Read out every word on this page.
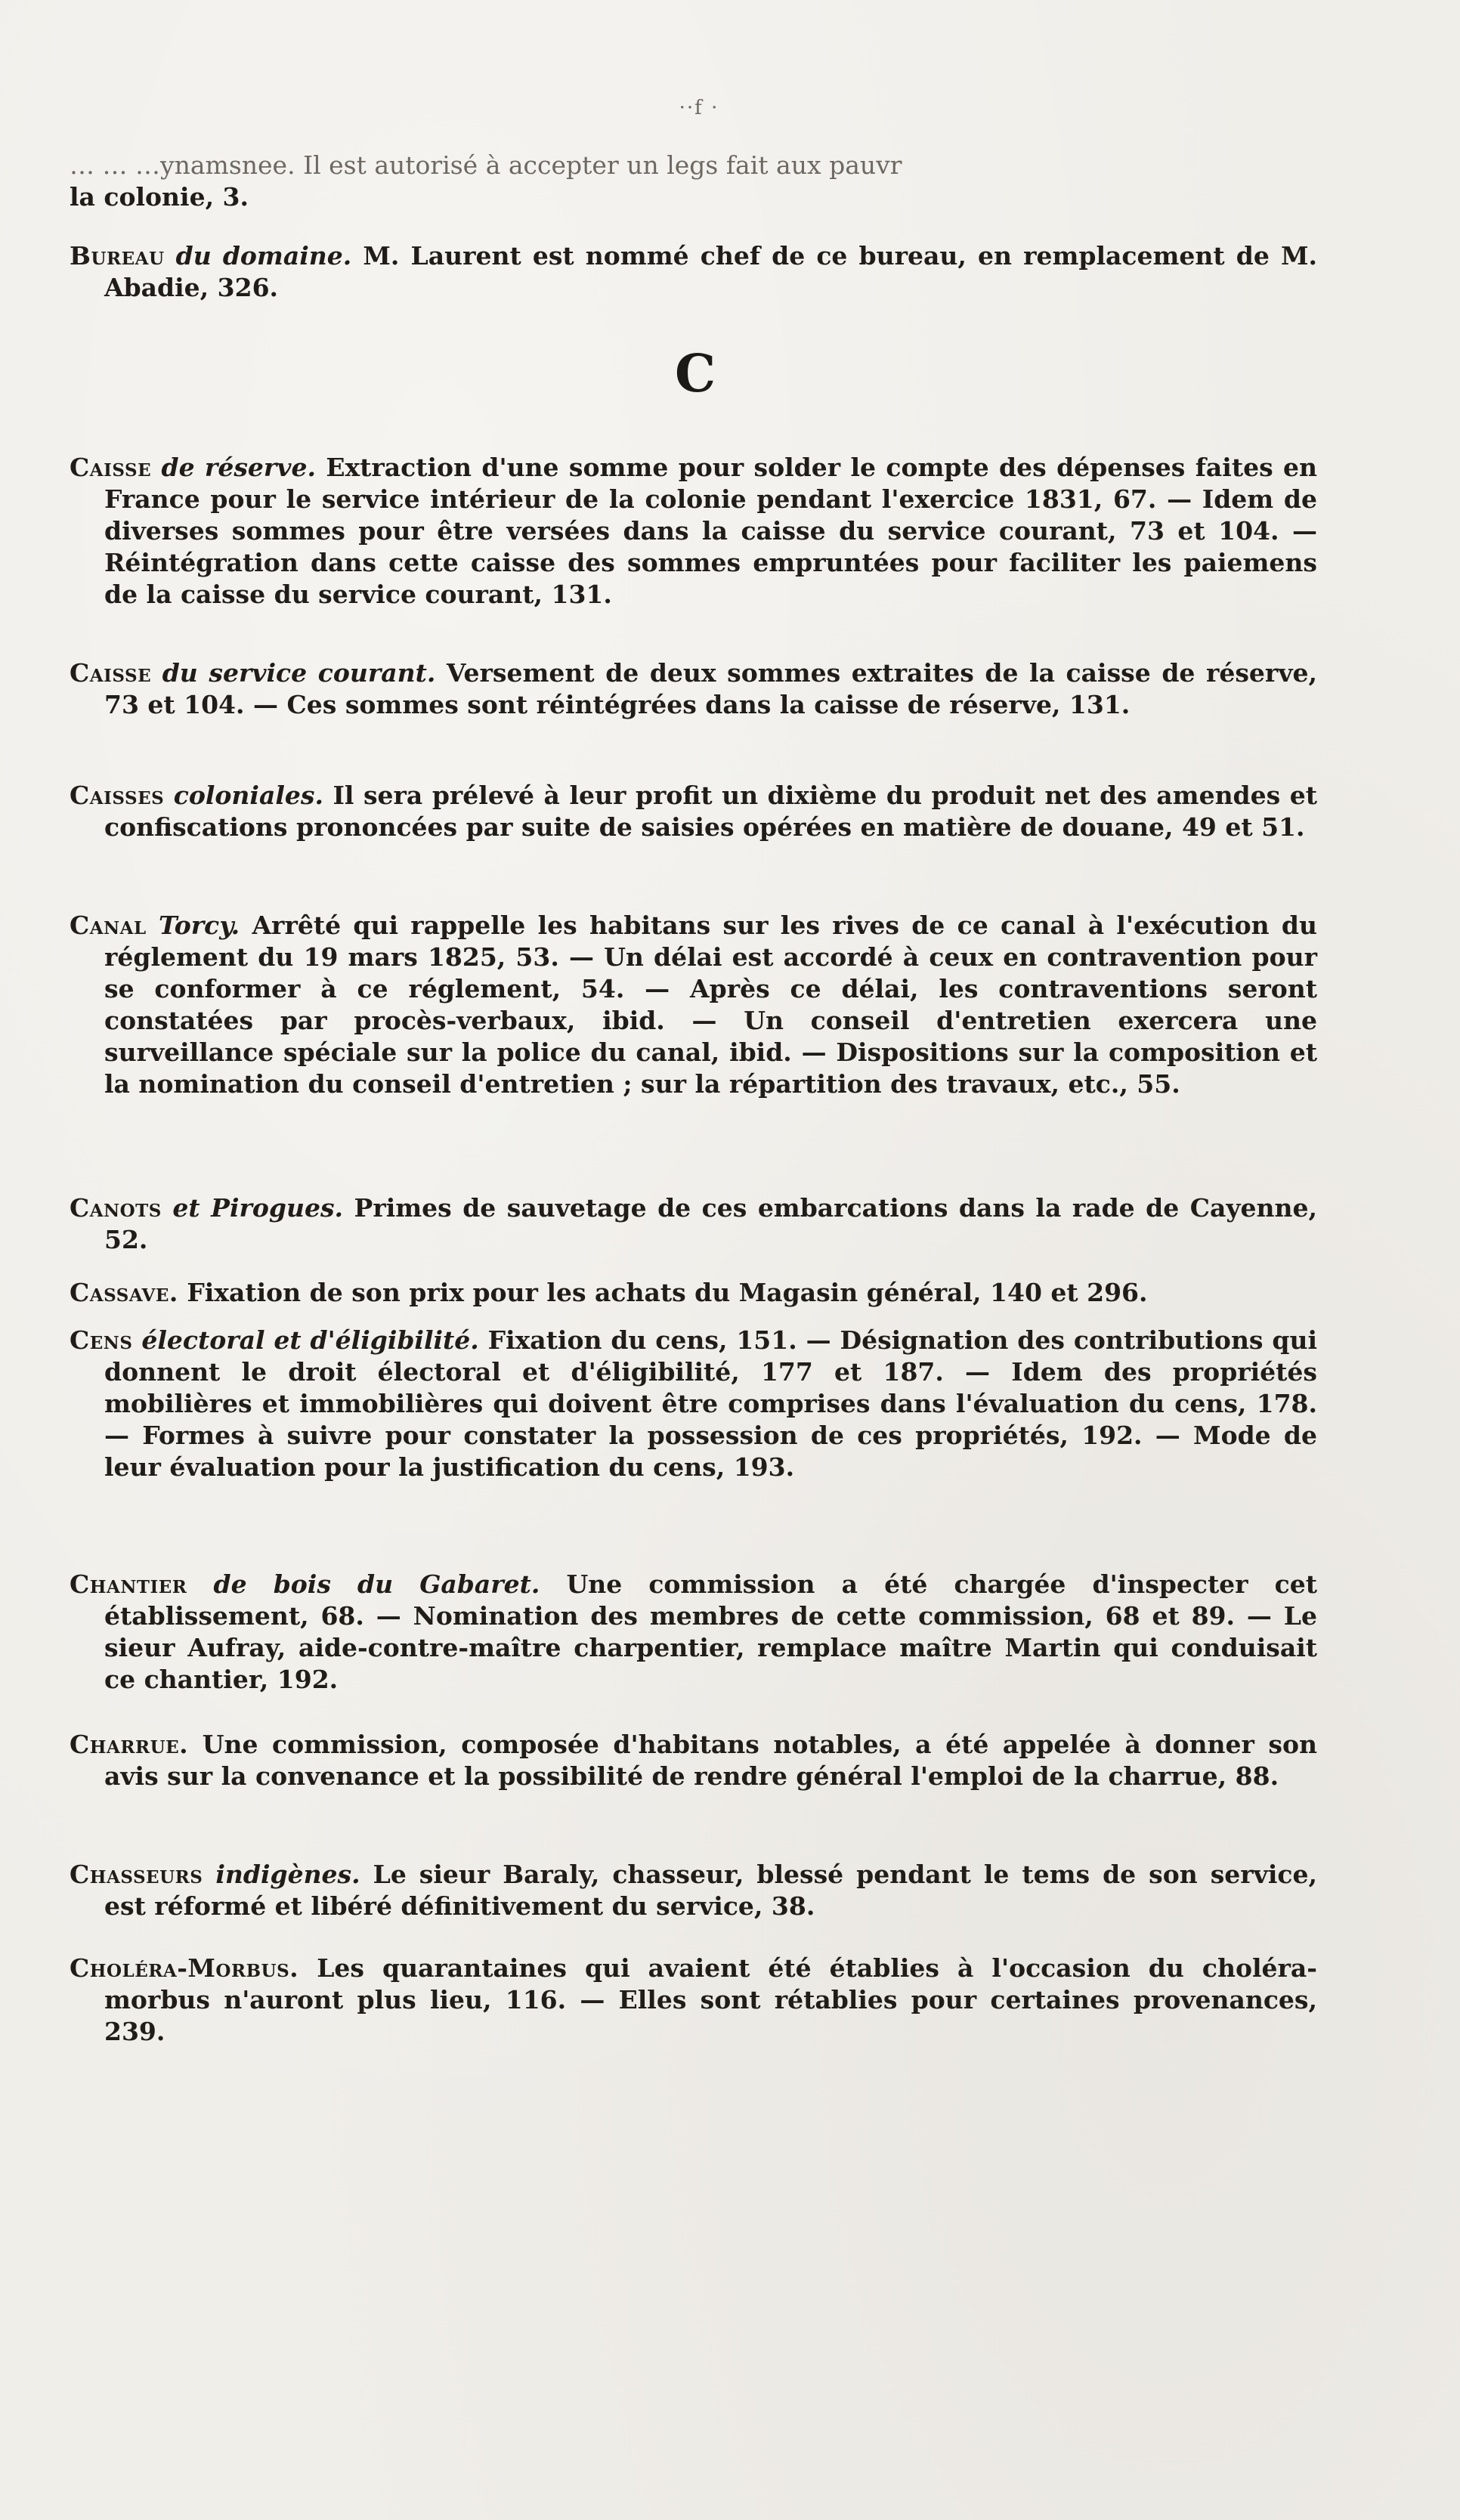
··f ·
… … …ynamsnee. Il est autorisé à accepter un legs fait aux pauvr
la colonie, 3.
Bureau du domaine. M. Laurent est nommé chef de ce bureau, en remplacement de M. Abadie, 326.
C
Caisse de réserve. Extraction d'une somme pour solder le compte des dépenses faites en France pour le service intérieur de la colonie pendant l'exercice 1831, 67. — Idem de diverses sommes pour être versées dans la caisse du service courant, 73 et 104. — Réintégration dans cette caisse des sommes empruntées pour faciliter les paiemens de la caisse du service courant, 131.
Caisse du service courant. Versement de deux sommes extraites de la caisse de réserve, 73 et 104. — Ces sommes sont réintégrées dans la caisse de réserve, 131.
Caisses coloniales. Il sera prélevé à leur profit un dixième du produit net des amendes et confiscations prononcées par suite de saisies opérées en matière de douane, 49 et 51.
Canal Torcy. Arrêté qui rappelle les habitans sur les rives de ce canal à l'exécution du réglement du 19 mars 1825, 53. — Un délai est accordé à ceux en contravention pour se conformer à ce réglement, 54. — Après ce délai, les contraventions seront constatées par procès-verbaux, ibid. — Un conseil d'entretien exercera une surveillance spéciale sur la police du canal, ibid. — Dispositions sur la composition et la nomination du conseil d'entretien ; sur la répartition des travaux, etc., 55.
Canots et Pirogues. Primes de sauvetage de ces embarcations dans la rade de Cayenne, 52.
Cassave. Fixation de son prix pour les achats du Magasin général, 140 et 296.
Cens électoral et d'éligibilité. Fixation du cens, 151. — Désignation des contributions qui donnent le droit électoral et d'éligibilité, 177 et 187. — Idem des propriétés mobilières et immobilières qui doivent être comprises dans l'évaluation du cens, 178. — Formes à suivre pour constater la possession de ces propriétés, 192. — Mode de leur évaluation pour la justification du cens, 193.
Chantier de bois du Gabaret. Une commission a été chargée d'inspecter cet établissement, 68. — Nomination des membres de cette commission, 68 et 89. — Le sieur Aufray, aide-contre-maître charpentier, remplace maître Martin qui conduisait ce chantier, 192.
Charrue. Une commission, composée d'habitans notables, a été appelée à donner son avis sur la convenance et la possibilité de rendre général l'emploi de la charrue, 88.
Chasseurs indigènes. Le sieur Baraly, chasseur, blessé pendant le tems de son service, est réformé et libéré définitivement du service, 38.
Choléra-Morbus. Les quarantaines qui avaient été établies à l'occasion du choléra-morbus n'auront plus lieu, 116. — Elles sont rétablies pour certaines provenances, 239.
